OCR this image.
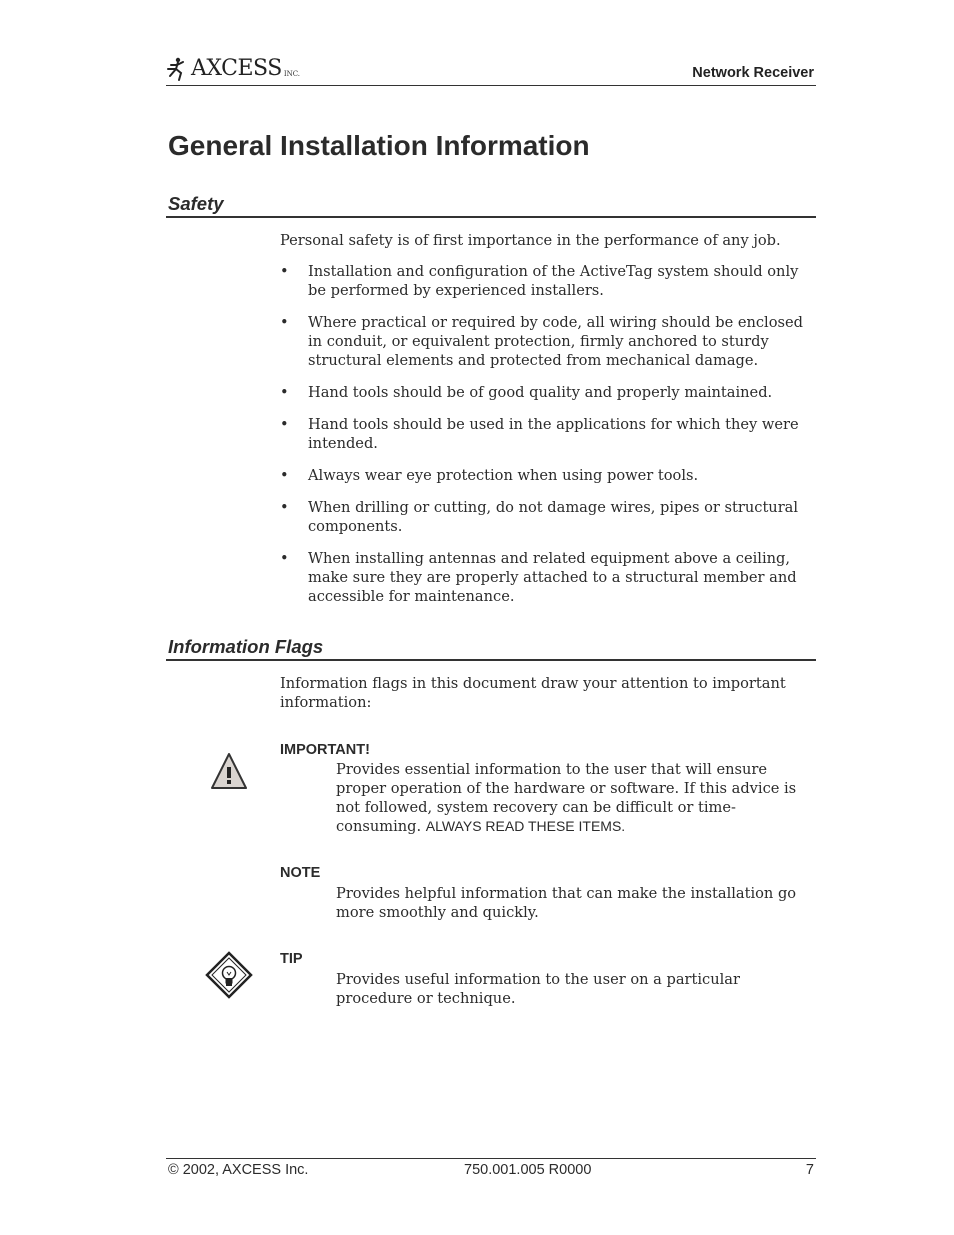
AXCESS INC.	Network Receiver
General Installation Information
Safety

Personal safety is of first importance in the performance of any job.

• Installation and configuration of the ActiveTag system should only be performed by experienced installers.
• Where practical or required by code, all wiring should be enclosed in conduit, or equivalent protection, firmly anchored to sturdy structural elements and protected from mechanical damage.
• Hand tools should be of good quality and properly maintained.
• Hand tools should be used in the applications for which they were intended.
• Always wear eye protection when using power tools.
• When drilling or cutting, do not damage wires, pipes or structural components.
• When installing antennas and related equipment above a ceiling, make sure they are properly attached to a structural member and accessible for maintenance.
Information Flags

Information flags in this document draw your attention to important information:

IMPORTANT!

Provides essential information to the user that will ensure proper operation of the hardware or software. If this advice is not followed, system recovery can be difficult or time-consuming. ALWAYS READ THESE ITEMS.

NOTE

Provides helpful information that can make the installation go more smoothly and quickly.

TIP

Provides useful information to the user on a particular procedure or technique.

© 2002, AXCESS Inc.	750.001.005 R0000	7
